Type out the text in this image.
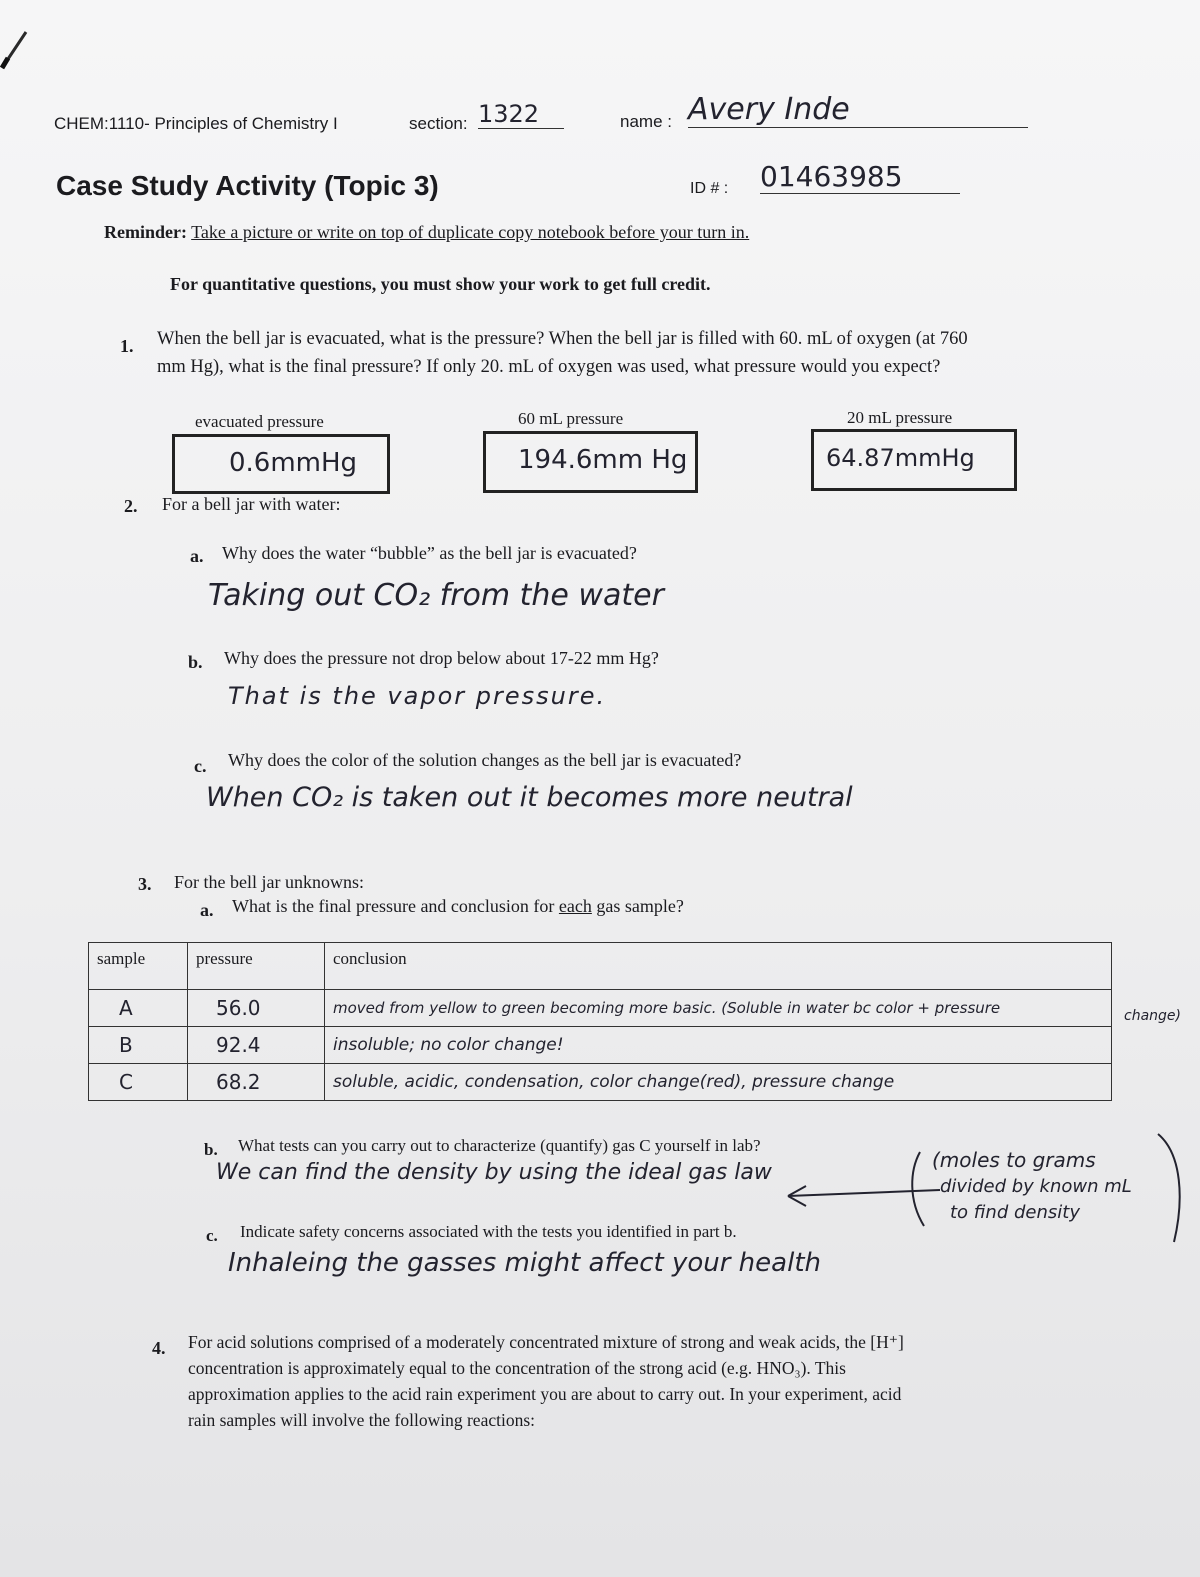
CHEM:1110- Principles of Chemistry I	section: 1322	name : Avery Inde
Case Study Activity (Topic 3)	ID # : 01463985
Reminder: Take a picture or write on top of duplicate copy notebook before your turn in.
For quantitative questions, you must show your work to get full credit.
1. When the bell jar is evacuated, what is the pressure? When the bell jar is filled with 60. mL of oxygen (at 760
mm Hg), what is the final pressure? If only 20. mL of oxygen was used, what pressure would you expect?
evacuated pressure	60 mL pressure	20 mL pressure
0.6mmHg	194.6mm Hg	64.87mmHg
2. For a bell jar with water:
a. Why does the water “bubble” as the bell jar is evacuated?
Taking out CO₂ from the water
b. Why does the pressure not drop below about 17-22 mm Hg?
That is the vapor pressure.
c. Why does the color of the solution changes as the bell jar is evacuated?
When CO₂ is taken out it becomes more neutral
3. For the bell jar unknowns:
a. What is the final pressure and conclusion for each gas sample?
sample	pressure	conclusion
A	56.0	moved from yellow to green becoming more basic. (Soluble in water bc color + pressure
B	92.4	insoluble; no color change!
C	68.2	soluble, acidic, condensation, color change(red), pressure change
change)
b. What tests can you carry out to characterize (quantify) gas C yourself in lab?
We can find the density by using the ideal gas law	(moles to grams
divided by known mL
to find density
c. Indicate safety concerns associated with the tests you identified in part b.
Inhaleing the gasses might affect your health
4. For acid solutions comprised of a moderately concentrated mixture of strong and weak acids, the [H⁺]
concentration is approximately equal to the concentration of the strong acid (e.g. HNO₃). This
approximation applies to the acid rain experiment you are about to carry out. In your experiment, acid
rain samples will involve the following reactions:
